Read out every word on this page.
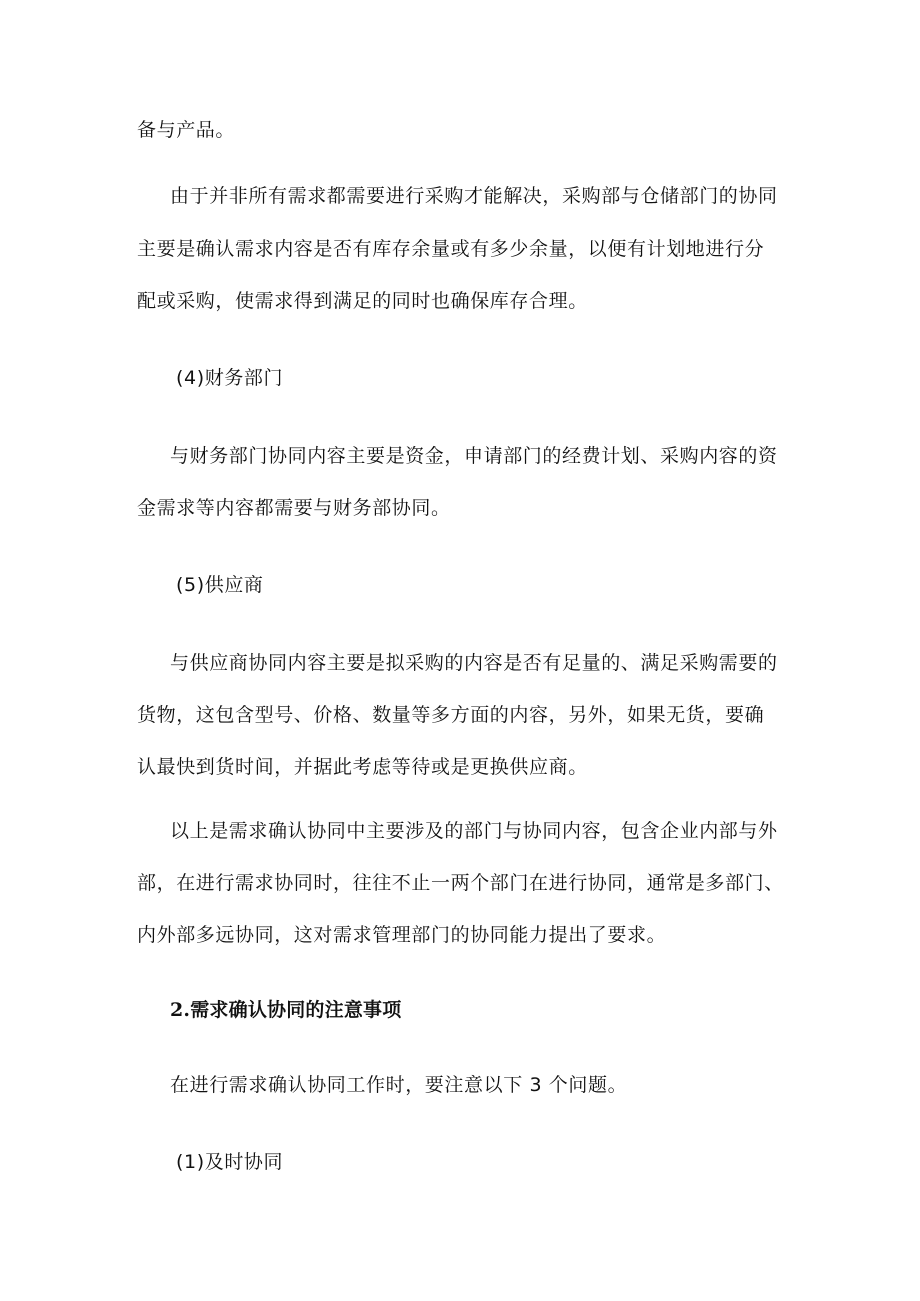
备与产品。
由于并非所有需求都需要进行采购才能解决，采购部与仓储部门的协同
主要是确认需求内容是否有库存余量或有多少余量，以便有计划地进行分
配或采购，使需求得到满足的同时也确保库存合理。
(4)财务部门
与财务部门协同内容主要是资金，申请部门的经费计划、采购内容的资
金需求等内容都需要与财务部协同。
(5)供应商
与供应商协同内容主要是拟采购的内容是否有足量的、满足采购需要的
货物，这包含型号、价格、数量等多方面的内容，另外，如果无货，要确
认最快到货时间，并据此考虑等待或是更换供应商。
以上是需求确认协同中主要涉及的部门与协同内容，包含企业内部与外
部，在进行需求协同时，往往不止一两个部门在进行协同，通常是多部门、
内外部多远协同，这对需求管理部门的协同能力提出了要求。
2.需求确认协同的注意事项
在进行需求确认协同工作时，要注意以下 3 个问题。
(1)及时协同
